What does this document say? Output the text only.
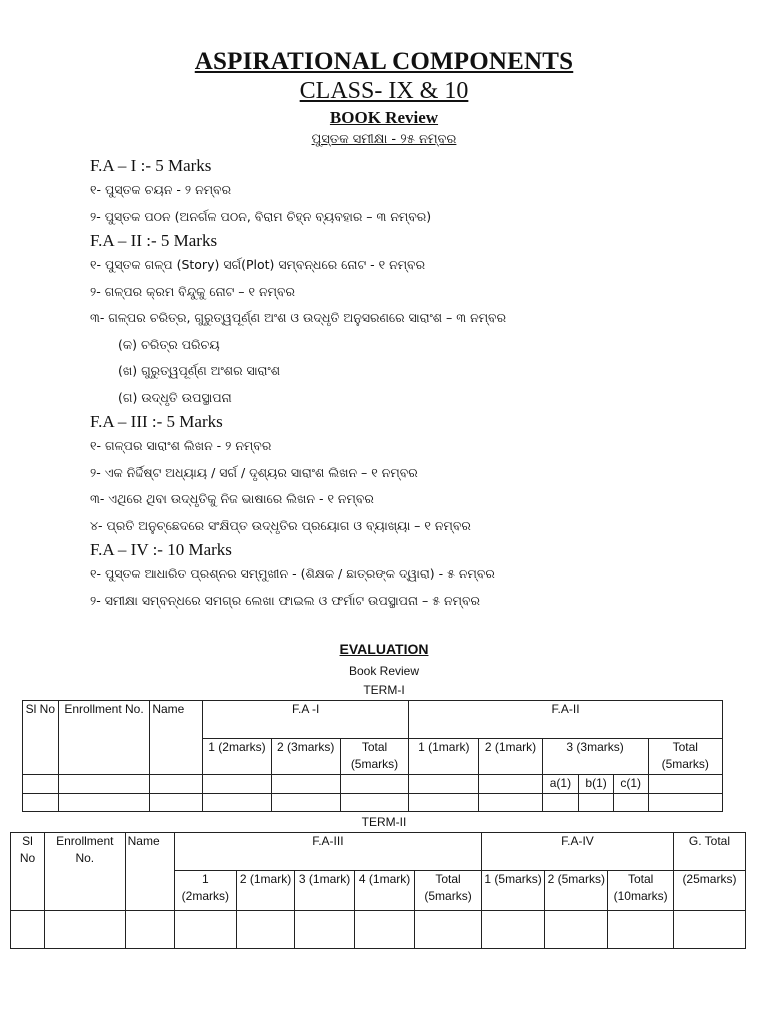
ASPIRATIONAL COMPONENTS
CLASS- IX & 10
BOOK Review
ପୁସ୍ତକ ସମୀକ୍ଷା - ୨୫ ନମ୍ବର
F.A – I :- 5 Marks
୧- ପୁସ୍ତକ ଚୟନ - ୨ ନମ୍ବର
୨- ପୁସ୍ତକ ପଠନ (ଅନର୍ଗଳ ପଠନ, ବିରାମ ଚିହ୍ନ ବ୍ୟବହାର – ୩ ନମ୍ବର)
F.A – II :- 5 Marks
୧- ପୁସ୍ତକ ଗଳ୍ପ (Story) ସର୍ଗ(Plot) ସମ୍ବନ୍ଧରେ ନୋଟ - ୧ ନମ୍ବର
୨- ଗଳ୍ପର କ୍ରମ ବିନ୍ଦୁକୁ ନୋଟ – ୧ ନମ୍ବର
୩- ଗଳ୍ପର ଚରିତ୍ର, ଗୁରୁତ୍ୱପୂର୍ଣ୍ଣ ଅଂଶ ଓ ଉଦ୍ଧୃତି ଅନୁସରଣରେ ସାରାଂଶ – ୩ ନମ୍ବର
(କ) ଚରିତ୍ର ପରିଚୟ
(ଖ) ଗୁରୁତ୍ୱପୂର୍ଣ୍ଣ ଅଂଶର ସାରାଂଶ
(ଗ) ଉଦ୍ଧୃତି ଉପସ୍ଥାପନା
F.A – III :- 5 Marks
୧- ଗଳ୍ପର ସାରାଂଶ ଲିଖନ - ୨ ନମ୍ବର
୨- ଏକ ନିର୍ଦ୍ଦିଷ୍ଟ ଅଧ୍ୟାୟ / ସର୍ଗ / ଦୃଶ୍ୟର ସାରାଂଶ ଲିଖନ – ୧ ନମ୍ବର
୩- ଏଥିରେ ଥିବା ଉଦ୍ଧୃତିକୁ ନିଜ ଭାଷାରେ ଲିଖନ - ୧ ନମ୍ବର
୪- ପ୍ରତି ଅନୁଚ୍ଛେଦରେ ସଂକ୍ଷିପ୍ତ ଉଦ୍ଧୃତିର ପ୍ରୟୋଗ ଓ ବ୍ୟାଖ୍ୟା – ୧ ନମ୍ବର
F.A – IV :- 10 Marks
୧- ପୁସ୍ତକ ଆଧାରିତ ପ୍ରଶ୍ନର ସମ୍ମୁଖୀନ - (ଶିକ୍ଷକ / ଛାତ୍ରଙ୍କ ଦ୍ୱାରା) - ୫ ନମ୍ବର
୨- ସମୀକ୍ଷା ସମ୍ବନ୍ଧରେ ସମଗ୍ର ଲେଖା ଫାଇଲ ଓ ଫର୍ମାଟ ଉପସ୍ଥାପନା – ୫ ନମ୍ବର
EVALUATION
Book Review
TERM-I
Sl No	Enrollment No.	Name	F.A -I			F.A-II					
			1 (2marks)	2 (3marks)	Total (5marks)	1 (1mark)	2 (1mark)	3 (3marks)			Total (5marks)
								a(1)	b(1)	c(1)	

TERM-II
Sl No	Enrollment No.	Name	F.A-III					F.A-IV			G. Total
			1 (2marks)	2 (1mark)	3 (1mark)	4 (1mark)	Total (5marks)	1 (5marks)	2 (5marks)	Total (10marks)	(25marks)
